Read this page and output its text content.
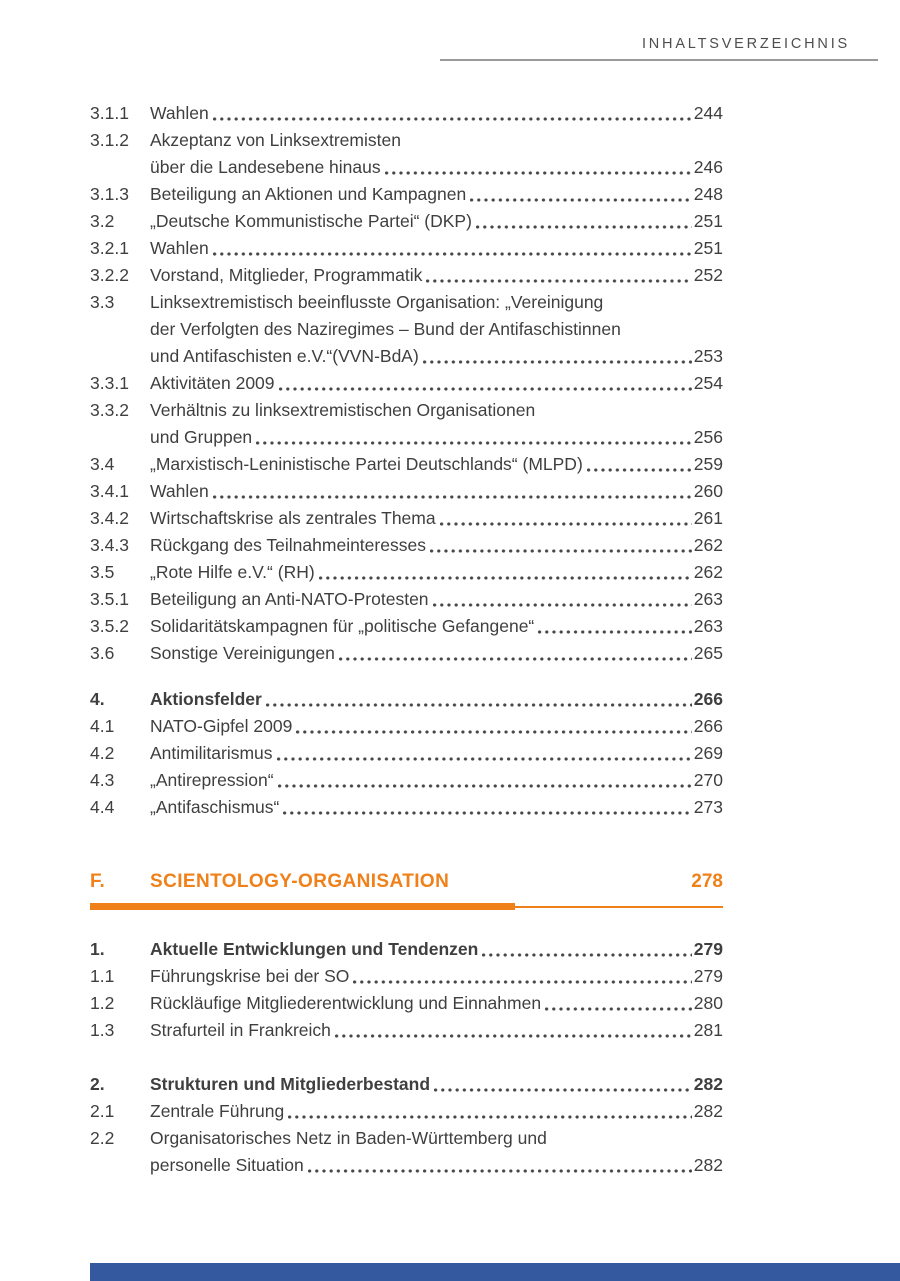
INHALTSVERZEICHNIS
3.1.1	Wahlen	244
3.1.2	Akzeptanz von Linksextremisten
über die Landesebene hinaus	246
3.1.3	Beteiligung an Aktionen und Kampagnen	248
3.2	„Deutsche Kommunistische Partei“ (DKP)	251
3.2.1	Wahlen	251
3.2.2	Vorstand, Mitglieder, Programmatik	252
3.3	Linksextremistisch beeinflusste Organisation: „Vereinigung
der Verfolgten des Naziregimes – Bund der Antifaschistinnen
und Antifaschisten e.V.“(VVN-BdA)	253
3.3.1	Aktivitäten 2009	254
3.3.2	Verhältnis zu linksextremistischen Organisationen
und Gruppen	256
3.4	„Marxistisch-Leninistische Partei Deutschlands“ (MLPD)	259
3.4.1	Wahlen	260
3.4.2	Wirtschaftskrise als zentrales Thema	261
3.4.3	Rückgang des Teilnahmeinteresses	262
3.5	„Rote Hilfe e.V.“ (RH)	262
3.5.1	Beteiligung an Anti-NATO-Protesten	263
3.5.2	Solidaritätskampagnen für „politische Gefangene“	263
3.6	Sonstige Vereinigungen	265
4.	Aktionsfelder	266
4.1	NATO-Gipfel 2009	266
4.2	Antimilitarismus	269
4.3	„Antirepression“	270
4.4	„Antifaschismus“	273
F.	SCIENTOLOGY-ORGANISATION	278
1.	Aktuelle Entwicklungen und Tendenzen	279
1.1	Führungskrise bei der SO	279
1.2	Rückläufige Mitgliederentwicklung und Einnahmen	280
1.3	Strafurteil in Frankreich	281
2.	Strukturen und Mitgliederbestand	282
2.1	Zentrale Führung	282
2.2	Organisatorisches Netz in Baden-Württemberg und
personelle Situation	282
